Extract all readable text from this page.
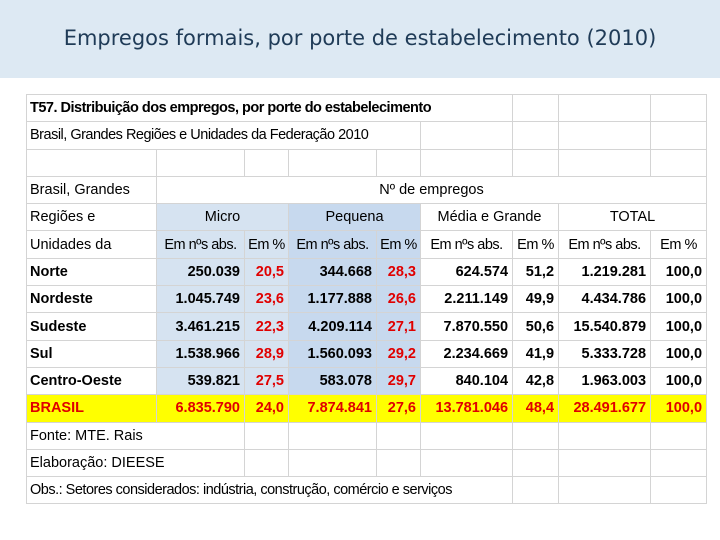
Empregos formais, por porte de estabelecimento (2010)
T57. Distribuição dos empregos, por porte do estabelecimento								
Brasil, Grandes Regiões e Unidades da Federação 2010								

Brasil, Grandes	Nº de empregos							
Regiões e	Micro		Pequena		Média e Grande		TOTAL	
Unidades da	Em nºs abs.	Em %	Em nºs abs.	Em %	Em nºs abs.	Em %	Em nºs abs.	Em %
Norte	250.039	20,5	344.668	28,3	624.574	51,2	1.219.281	100,0
Nordeste	1.045.749	23,6	1.177.888	26,6	2.211.149	49,9	4.434.786	100,0
Sudeste	3.461.215	22,3	4.209.114	27,1	7.870.550	50,6	15.540.879	100,0
Sul	1.538.966	28,9	1.560.093	29,2	2.234.669	41,9	5.333.728	100,0
Centro-Oeste	539.821	27,5	583.078	29,7	840.104	42,8	1.963.003	100,0
BRASIL	6.835.790	24,0	7.874.841	27,6	13.781.046	48,4	28.491.677	100,0
Fonte: MTE. Rais								
Elaboração: DIEESE								
Obs.: Setores considerados: indústria, construção, comércio e serviços								
